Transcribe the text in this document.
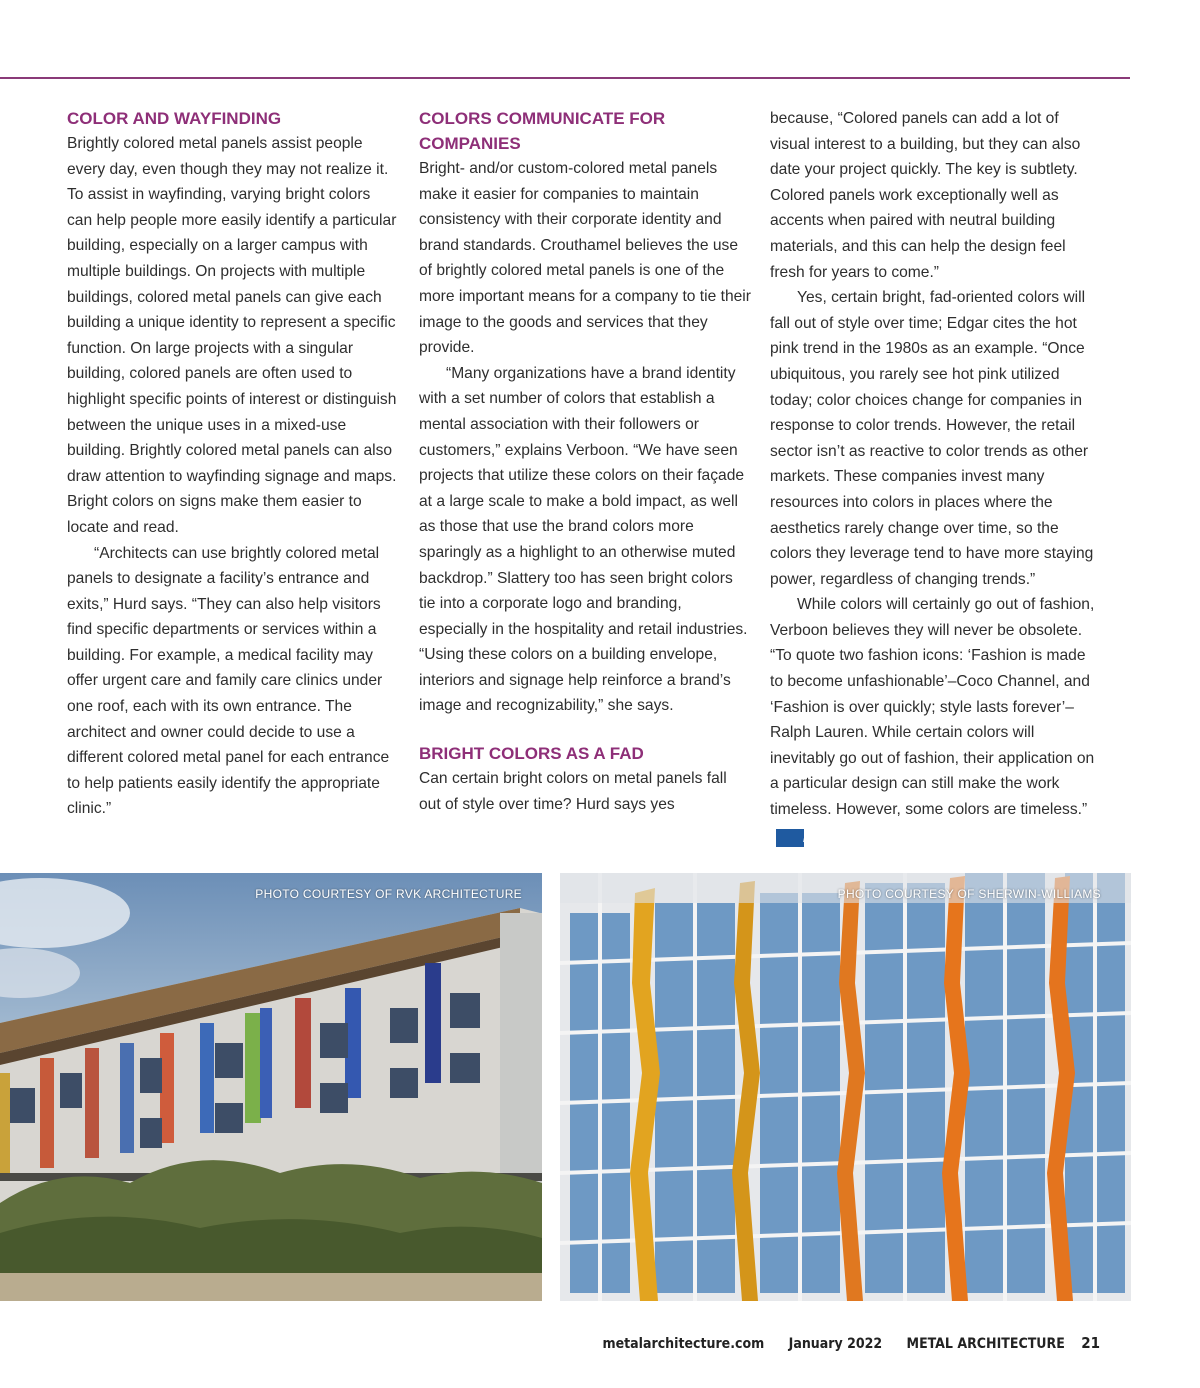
COLOR AND WAYFINDING

Brightly colored metal panels assist people every day, even though they may not realize it. To assist in wayfinding, varying bright colors can help people more easily identify a particular building, especially on a larger campus with multiple buildings. On projects with multiple buildings, colored metal panels can give each building a unique identity to represent a specific function. On large projects with a singular building, colored panels are often used to highlight specific points of interest or distinguish between the unique uses in a mixed-use building. Brightly colored metal panels can also draw attention to wayfinding signage and maps. Bright colors on signs make them easier to locate and read.

“Architects can use brightly colored metal panels to designate a facility’s entrance and exits,” Hurd says. “They can also help visitors find specific departments or services within a building. For example, a medical facility may offer urgent care and family care clinics under one roof, each with its own entrance. The architect and owner could decide to use a different colored metal panel for each entrance to help patients easily identify the appropriate clinic.”

COLORS COMMUNICATE FOR COMPANIES

Bright- and/or custom-colored metal panels make it easier for companies to maintain consistency with their corporate identity and brand standards. Crouthamel believes the use of brightly colored metal panels is one of the more important means for a company to tie their image to the goods and services that they provide.

“Many organizations have a brand identity with a set number of colors that establish a mental association with their followers or customers,” explains Verboon. “We have seen projects that utilize these colors on their façade at a large scale to make a bold impact, as well as those that use the brand colors more sparingly as a highlight to an otherwise muted backdrop.” Slattery too has seen bright colors tie into a corporate logo and branding, especially in the hospitality and retail industries. “Using these colors on a building envelope, interiors and signage help reinforce a brand’s image and recognizability,” she says.

BRIGHT COLORS AS A FAD

Can certain bright colors on metal panels fall out of style over time? Hurd says yes

because, “Colored panels can add a lot of visual interest to a building, but they can also date your project quickly. The key is subtlety. Colored panels work exceptionally well as accents when paired with neutral building materials, and this can help the design feel fresh for years to come.”

Yes, certain bright, fad-oriented colors will fall out of style over time; Edgar cites the hot pink trend in the 1980s as an example. “Once ubiquitous, you rarely see hot pink utilized today; color choices change for companies in response to color trends. However, the retail sector isn’t as reactive to color trends as other markets. These companies invest many resources into colors in places where the aesthetics rarely change over time, so the colors they leverage tend to have more staying power, regardless of changing trends.”

While colors will certainly go out of fashion, Verboon believes they will never be obsolete. “To quote two fashion icons: ‘Fashion is made to become unfashionable’–Coco Channel, and ‘Fashion is over quickly; style lasts forever’–Ralph Lauren. While certain colors will inevitably go out of fashion, their application on a particular design can still make the work timeless. However, some colors are timeless.”Ma

PHOTO COURTESY OF RVK ARCHITECTURE	PHOTO COURTESY OF SHERWIN-WILLIAMS
metalarchitecture.com January 2022 METAL ARCHITECTURE 21
